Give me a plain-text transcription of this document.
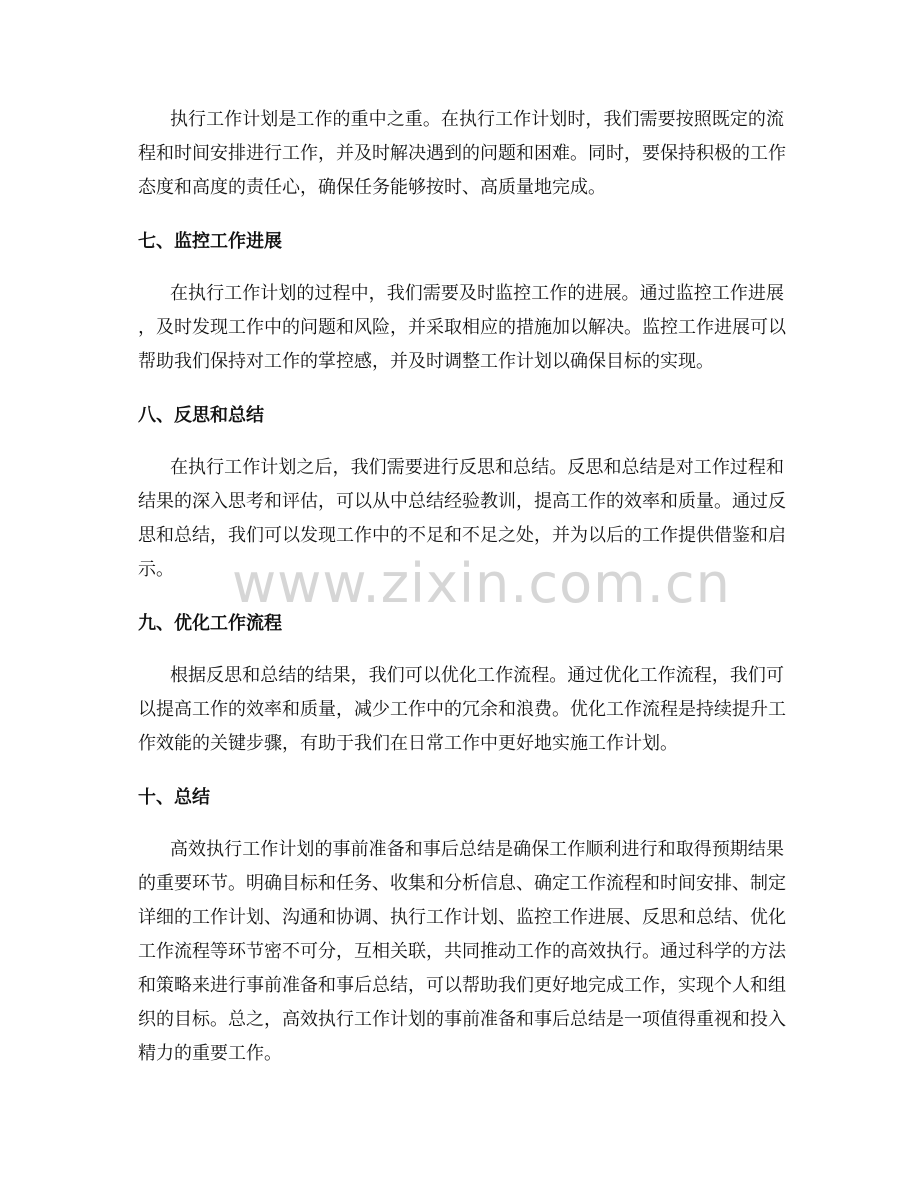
执行工作计划是工作的重中之重。在执行工作计划时，我们需要按照既定的流
程和时间安排进行工作，并及时解决遇到的问题和困难。同时，要保持积极的工作
态度和高度的责任心，确保任务能够按时、高质量地完成。
七、监控工作进展
在执行工作计划的过程中，我们需要及时监控工作的进展。通过监控工作进展
，及时发现工作中的问题和风险，并采取相应的措施加以解决。监控工作进展可以
帮助我们保持对工作的掌控感，并及时调整工作计划以确保目标的实现。
八、反思和总结
在执行工作计划之后，我们需要进行反思和总结。反思和总结是对工作过程和
结果的深入思考和评估，可以从中总结经验教训，提高工作的效率和质量。通过反
思和总结，我们可以发现工作中的不足和不足之处，并为以后的工作提供借鉴和启
示。
九、优化工作流程
根据反思和总结的结果，我们可以优化工作流程。通过优化工作流程，我们可
以提高工作的效率和质量，减少工作中的冗余和浪费。优化工作流程是持续提升工
作效能的关键步骤，有助于我们在日常工作中更好地实施工作计划。
十、总结
高效执行工作计划的事前准备和事后总结是确保工作顺利进行和取得预期结果
的重要环节。明确目标和任务、收集和分析信息、确定工作流程和时间安排、制定
详细的工作计划、沟通和协调、执行工作计划、监控工作进展、反思和总结、优化
工作流程等环节密不可分，互相关联，共同推动工作的高效执行。通过科学的方法
和策略来进行事前准备和事后总结，可以帮助我们更好地完成工作，实现个人和组
织的目标。总之，高效执行工作计划的事前准备和事后总结是一项值得重视和投入
精力的重要工作。
www.zixin.com.cn
